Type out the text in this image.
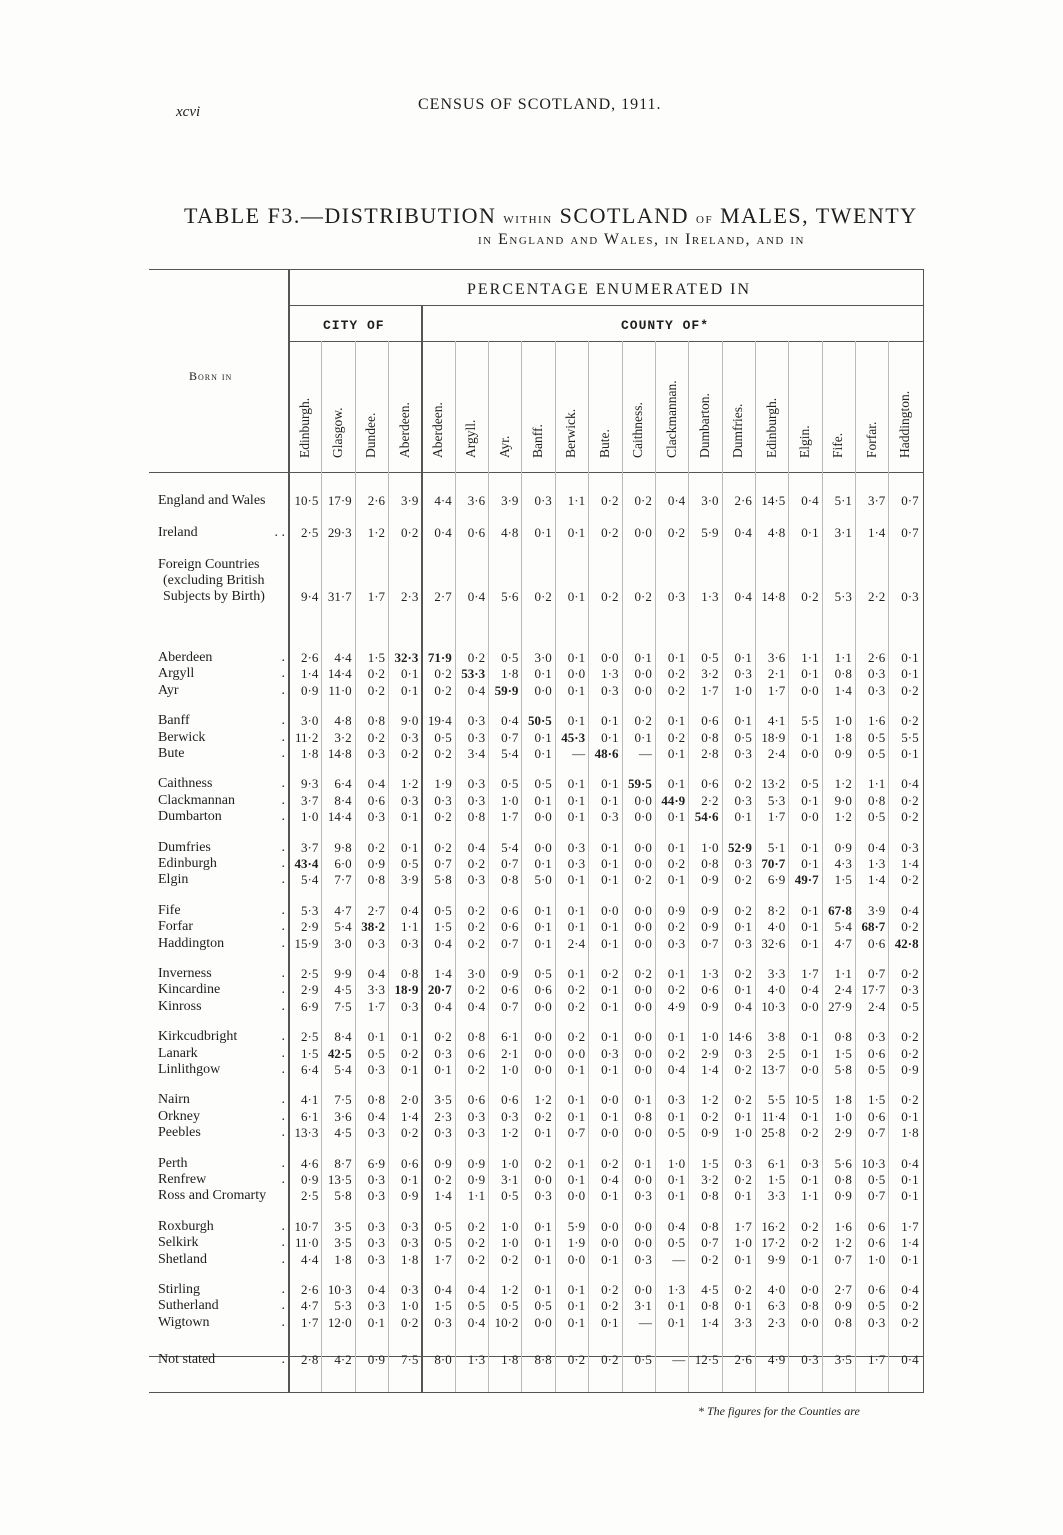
xcvi	CENSUS OF SCOTLAND, 1911.
TABLE F3.—DISTRIBUTION within SCOTLAND of MALES, TWENTY
in England and Wales, in Ireland, and in
PERCENTAGE ENUMERATED IN
CITY OF	COUNTY OF*
Born in
Edinburgh. Glasgow. Dundee. Aberdeen. Aberdeen. Argyll. Ayr. Banff. Berwick. Bute. Caithness. Clackmannan. Dumbarton. Dumfries. Edinburgh. Elgin. Fife. Forfar. Haddington.
England and Wales	10·5 17·9	2·6	3·9	4·4	3·6	3·9	0·3	1·1	0·2	0·2	0·4	3·0	2·6 14·5	0·4	5·1	3·7	0·7
Ireland	. .	2·5 29·3	1·2	0·2	0·4	0·6	4·8	0·1	0·1	0·2	0·0	0·2	5·9	0·4	4·8	0·1	3·1	1·4	0·7
Foreign Countries
(excluding British
Subjects by Birth)	9·4 31·7	1·7	2·3	2·7	0·4	5·6	0·2	0·1	0·2	0·2	0·3	1·3	0·4 14·8	0·2	5·3	2·2	0·3
Aberdeen	.	2·6	4·4	1·5 32·3 71·9	0·2	0·5	3·0	0·1	0·0	0·1	0·1	0·5	0·1	3·6	1·1	1·1	2·6	0·1
Argyll	.	1·4 14·4	0·2	0·1	0·2 53·3	1·8	0·1	0·0	1·3	0·0	0·2	3·2	0·3	2·1	0·1	0·8	0·3	0·1
Ayr	.	0·9 11·0	0·2	0·1	0·2	0·4 59·9	0·0	0·1	0·3	0·0	0·2	1·7	1·0	1·7	0·0	1·4	0·3	0·2
Banff	.	3·0	4·8	0·8	9·0 19·4	0·3	0·4 50·5	0·1	0·1	0·2	0·1	0·6	0·1	4·1	5·5	1·0	1·6	0·2
Berwick	. 11·2	3·2	0·2	0·3	0·5	0·3	0·7	0·1 45·3	0·1	0·1	0·2	0·8	0·5 18·9	0·1	1·8	0·5	5·5
Bute	.	1·8 14·8	0·3	0·2	0·2	3·4	5·4	0·1	— 48·6	—	0·1	2·8	0·3	2·4	0·0	0·9	0·5	0·1
Caithness	.	9·3	6·4	0·4	1·2	1·9	0·3	0·5	0·5	0·1	0·1 59·5	0·1	0·6	0·2 13·2	0·5	1·2	1·1	0·4
Clackmannan	.	3·7	8·4	0·6	0·3	0·3	0·3	1·0	0·1	0·1	0·1	0·0 44·9	2·2	0·3	5·3	0·1	9·0	0·8	0·2
Dumbarton	.	1·0 14·4	0·3	0·1	0·2	0·8	1·7	0·0	0·1	0·3	0·0	0·1 54·6	0·1	1·7	0·0	1·2	0·5	0·2
Dumfries	.	3·7	9·8	0·2	0·1	0·2	0·4	5·4	0·0	0·3	0·1	0·0	0·1	1·0 52·9	5·1	0·1	0·9	0·4	0·3
Edinburgh	. 43·4	6·0	0·9	0·5	0·7	0·2	0·7	0·1	0·3	0·1	0·0	0·2	0·8	0·3 70·7	0·1	4·3	1·3	1·4
Elgin	.	5·4	7·7	0·8	3·9	5·8	0·3	0·8	5·0	0·1	0·1	0·2	0·1	0·9	0·2	6·9 49·7	1·5	1·4	0·2
Fife	.	5·3	4·7	2·7	0·4	0·5	0·2	0·6	0·1	0·1	0·0	0·0	0·9	0·9	0·2	8·2	0·1 67·8	3·9	0·4
Forfar	.	2·9	5·4 38·2	1·1	1·5	0·2	0·6	0·1	0·1	0·1	0·0	0·2	0·9	0·1	4·0	0·1	5·4 68·7	0·2
Haddington	. 15·9	3·0	0·3	0·3	0·4	0·2	0·7	0·1	2·4	0·1	0·0	0·3	0·7	0·3 32·6	0·1	4·7	0·6 42·8
Inverness	.	2·5	9·9	0·4	0·8	1·4	3·0	0·9	0·5	0·1	0·2	0·2	0·1	1·3	0·2	3·3	1·7	1·1	0·7	0·2
Kincardine	.	2·9	4·5	3·3 18·9 20·7	0·2	0·6	0·6	0·2	0·1	0·0	0·2	0·6	0·1	4·0	0·4	2·4 17·7	0·3
Kinross	.	6·9	7·5	1·7	0·3	0·4	0·4	0·7	0·0	0·2	0·1	0·0	4·9	0·9	0·4 10·3	0·0 27·9	2·4	0·5
Kirkcudbright	.	2·5	8·4	0·1	0·1	0·2	0·8	6·1	0·0	0·2	0·1	0·0	0·1	1·0 14·6	3·8	0·1	0·8	0·3	0·2
Lanark	.	1·5 42·5	0·5	0·2	0·3	0·6	2·1	0·0	0·0	0·3	0·0	0·2	2·9	0·3	2·5	0·1	1·5	0·6	0·2
Linlithgow	.	6·4	5·4	0·3	0·1	0·1	0·2	1·0	0·0	0·1	0·1	0·0	0·4	1·4	0·2 13·7	0·0	5·8	0·5	0·9
Nairn	.	4·1	7·5	0·8	2·0	3·5	0·6	0·6	1·2	0·1	0·0	0·1	0·3	1·2	0·2	5·5 10·5	1·8	1·5	0·2
Orkney	.	6·1	3·6	0·4	1·4	2·3	0·3	0·3	0·2	0·1	0·1	0·8	0·1	0·2	0·1 11·4	0·1	1·0	0·6	0·1
Peebles	. 13·3	4·5	0·3	0·2	0·3	0·3	1·2	0·1	0·7	0·0	0·0	0·5	0·9	1·0 25·8	0·2	2·9	0·7	1·8
Perth	.	4·6	8·7	6·9	0·6	0·9	0·9	1·0	0·2	0·1	0·2	0·1	1·0	1·5	0·3	6·1	0·3	5·6 10·3	0·4
Renfrew	.	0·9 13·5	0·3	0·1	0·2	0·9	3·1	0·0	0·1	0·4	0·0	0·1	3·2	0·2	1·5	0·1	0·8	0·5	0·1
Ross and Cromarty	2·5	5·8	0·3	0·9	1·4	1·1	0·5	0·3	0·0	0·1	0·3	0·1	0·8	0·1	3·3	1·1	0·9	0·7	0·1
Roxburgh	. 10·7	3·5	0·3	0·3	0·5	0·2	1·0	0·1	5·9	0·0	0·0	0·4	0·8	1·7 16·2	0·2	1·6	0·6	1·7
Selkirk	. 11·0	3·5	0·3	0·3	0·5	0·2	1·0	0·1	1·9	0·0	0·0	0·5	0·7	1·0 17·2	0·2	1·2	0·6	1·4
Shetland	.	4·4	1·8	0·3	1·8	1·7	0·2	0·2	0·1	0·0	0·1	0·3	—	0·2	0·1	9·9	0·1	0·7	1·0	0·1
Stirling	.	2·6 10·3	0·4	0·3	0·4	0·4	1·2	0·1	0·1	0·2	0·0	1·3	4·5	0·2	4·0	0·0	2·7	0·6	0·4
Sutherland	.	4·7	5·3	0·3	1·0	1·5	0·5	0·5	0·5	0·1	0·2	3·1	0·1	0·8	0·1	6·3	0·8	0·9	0·5	0·2
Wigtown	.	1·7 12·0	0·1	0·2	0·3	0·4 10·2	0·0	0·1	0·1	—	0·1	1·4	3·3	2·3	0·0	0·8	0·3	0·2
Not stated	.	2·8	4·2	0·9	7·5	8·0	1·3	1·8	8·8	0·2	0·2	0·5	— 12·5	2·6	4·9	0·3	3·5	1·7	0·4
* The figures for the Counties are
